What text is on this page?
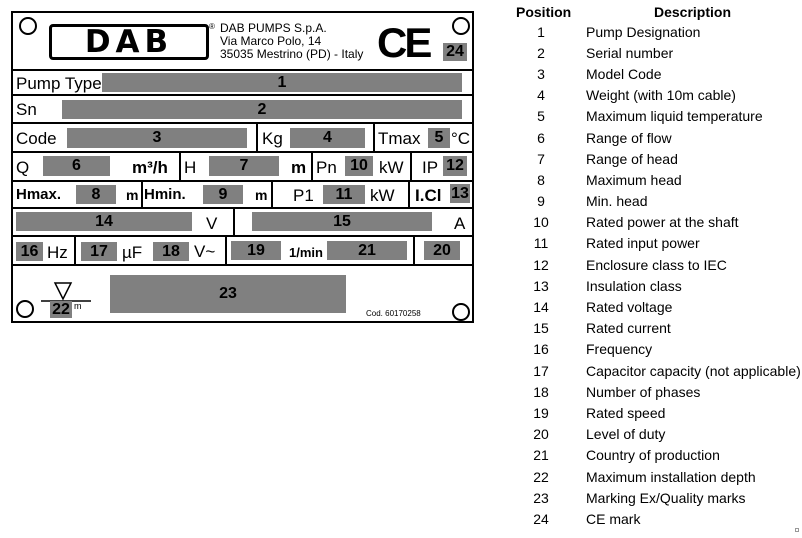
DAB	® DAB PUMPS S.p.A.
Via Marco Polo, 14
35035 Mestrino (PD) - Italy CE 24
Pump Type	1
Sn	2
Code	3	Kg	4	Tmax 5 °C
Q	6	m³/h H	7	m Pn 10 kW IP 12
Hmax.	8	m Hmin.	9	m P1	11	kW I.Cl 13
14	V	15	A
16 Hz	17 µF	18 V~	19	1/min	21	20
22 m
23
Cod. 60170258
Position	Description
1	Pump Designation
2	Serial number
3	Model Code
4	Weight (with 10m cable)
5	Maximum liquid temperature
6	Range of flow
7	Range of head
8	Maximum head
9	Min. head
10	Rated power at the shaft
11	Rated input power
12	Enclosure class to IEC
13	Insulation class
14	Rated voltage
15	Rated current
16	Frequency
17	Capacitor capacity (not applicable)
18	Number of phases
19	Rated speed
20	Level of duty
21	Country of production
22	Maximum installation depth
23	Marking Ex/Quality marks
24	CE mark
